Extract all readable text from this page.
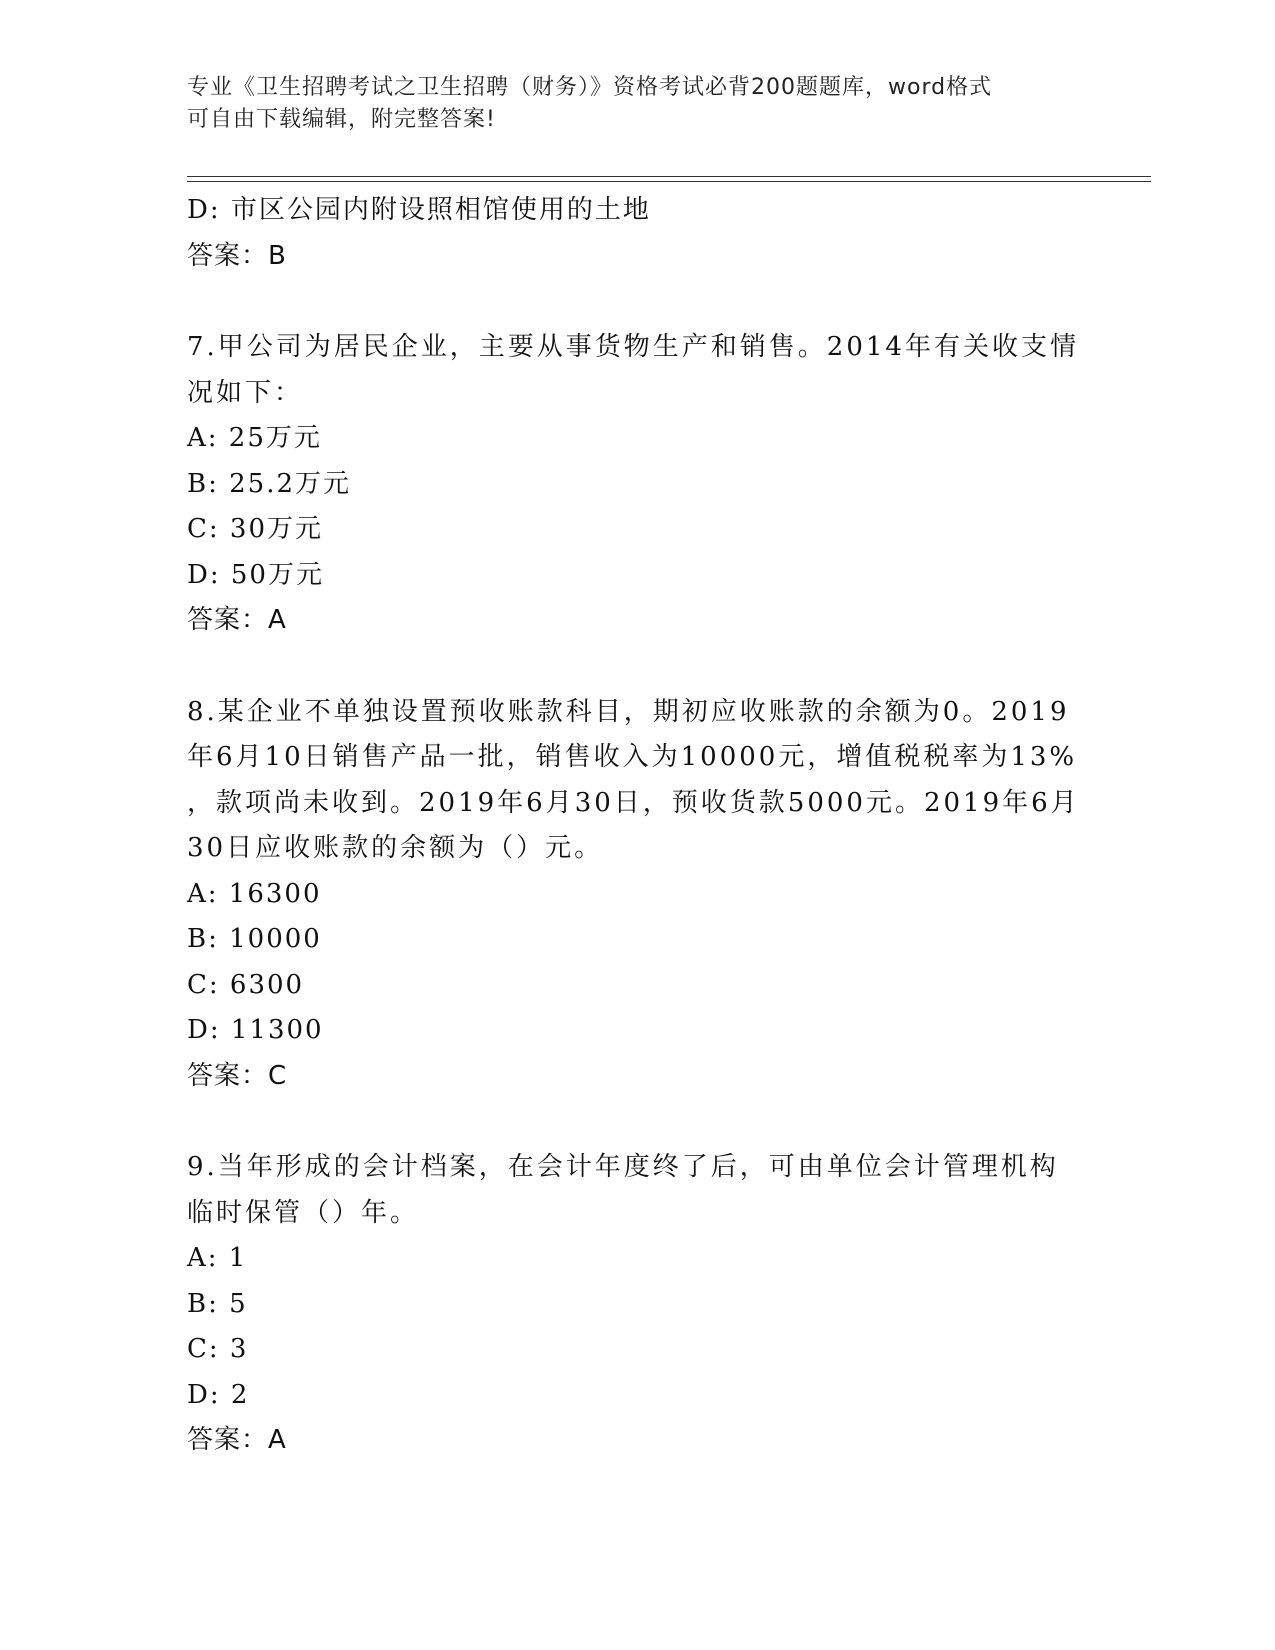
专业《卫生招聘考试之卫生招聘（财务）》资格考试必背200题题库，word格式
可自由下载编辑，附完整答案!
D: 市区公园内附设照相馆使用的土地
答案：B
7.甲公司为居民企业，主要从事货物生产和销售。2014年有关收支情
况如下：
A: 25万元
B: 25.2万元
C: 30万元
D: 50万元
答案：A
8.某企业不单独设置预收账款科目，期初应收账款的余额为0。2019
年6月10日销售产品一批，销售收入为10000元，增值税税率为13%
，款项尚未收到。2019年6月30日，预收货款5000元。2019年6月
30日应收账款的余额为（）元。
A: 16300
B: 10000
C: 6300
D: 11300
答案：C
9.当年形成的会计档案，在会计年度终了后，可由单位会计管理机构
临时保管（）年。
A: 1
B: 5
C: 3
D: 2
答案：A
